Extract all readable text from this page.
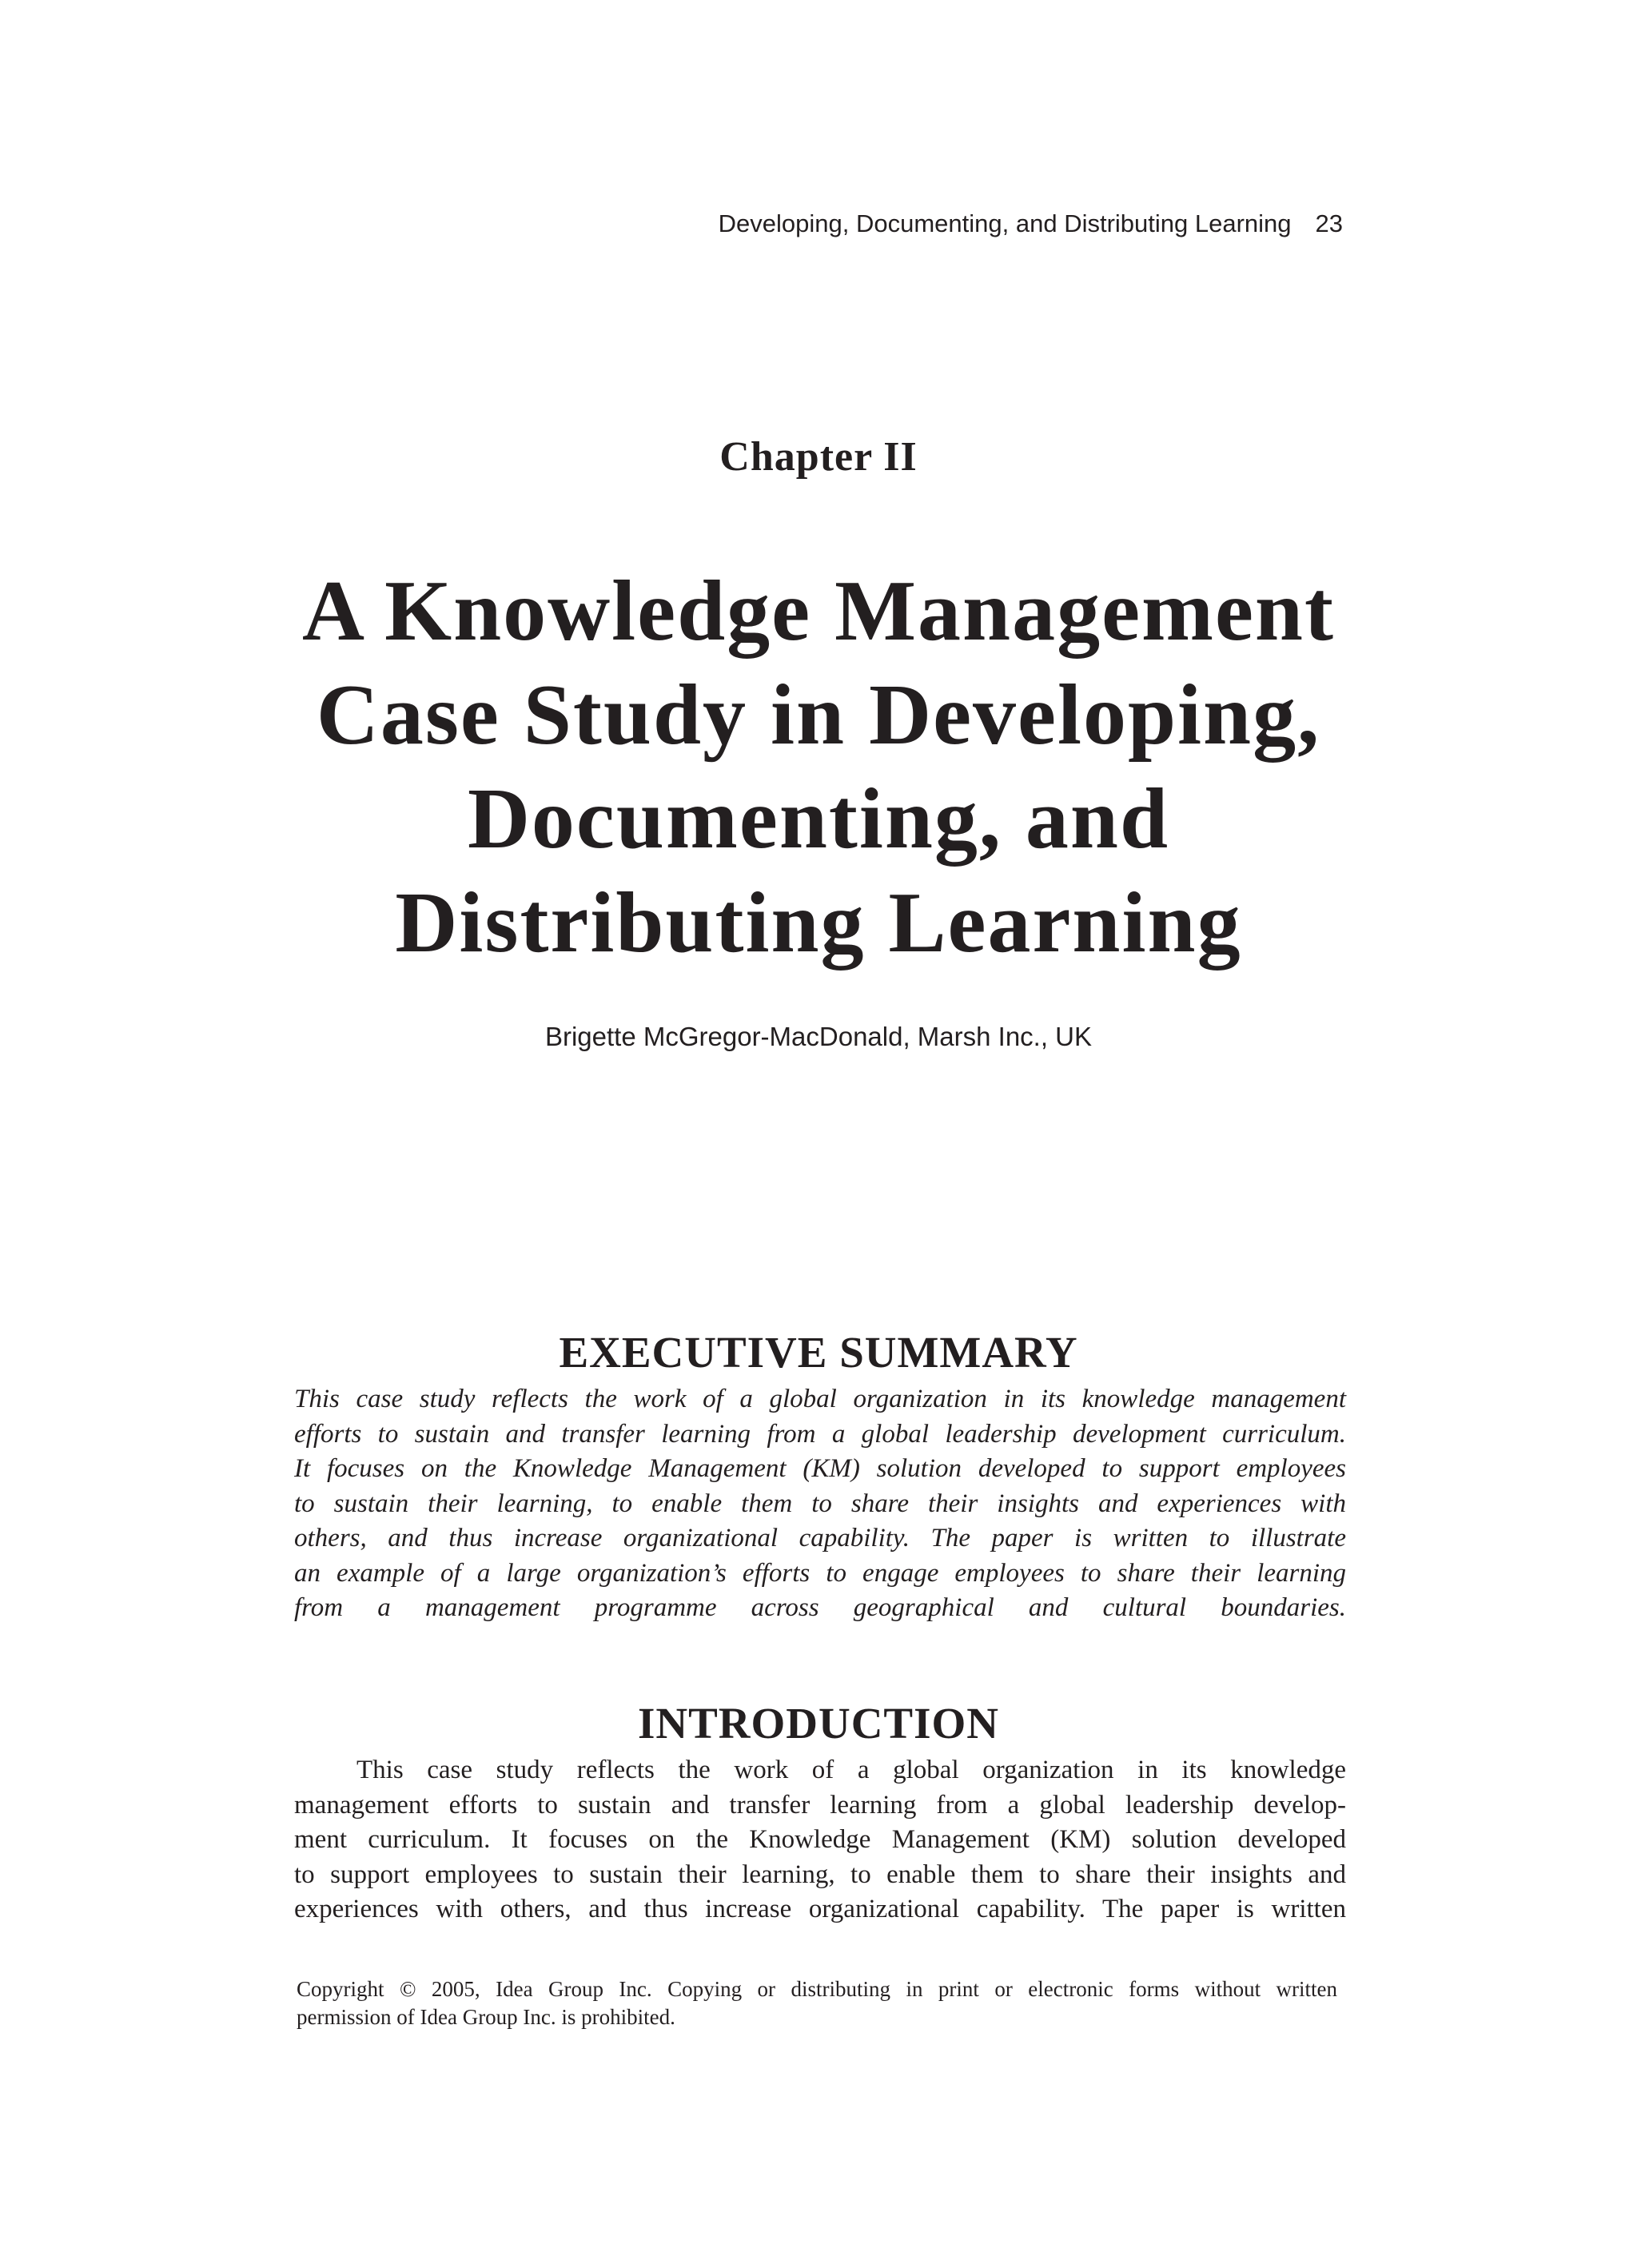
Developing, Documenting, and Distributing Learning 23
Chapter II
A Knowledge Management
Case Study in Developing,
Documenting, and
Distributing Learning
Brigette McGregor-MacDonald, Marsh Inc., UK
EXECUTIVE SUMMARY
This case study reflects the work of a global organization in its knowledge management
efforts to sustain and transfer learning from a global leadership development curriculum.
It focuses on the Knowledge Management (KM) solution developed to support employees
to sustain their learning, to enable them to share their insights and experiences with
others, and thus increase organizational capability. The paper is written to illustrate
an example of a large organization’s efforts to engage employees to share their learning
from a management programme across geographical and cultural boundaries.
INTRODUCTION
This case study reflects the work of a global organization in its knowledge
management efforts to sustain and transfer learning from a global leadership develop-
ment curriculum. It focuses on the Knowledge Management (KM) solution developed
to support employees to sustain their learning, to enable them to share their insights and
experiences with others, and thus increase organizational capability. The paper is written
Copyright © 2005, Idea Group Inc. Copying or distributing in print or electronic forms without written
permission of Idea Group Inc. is prohibited.
